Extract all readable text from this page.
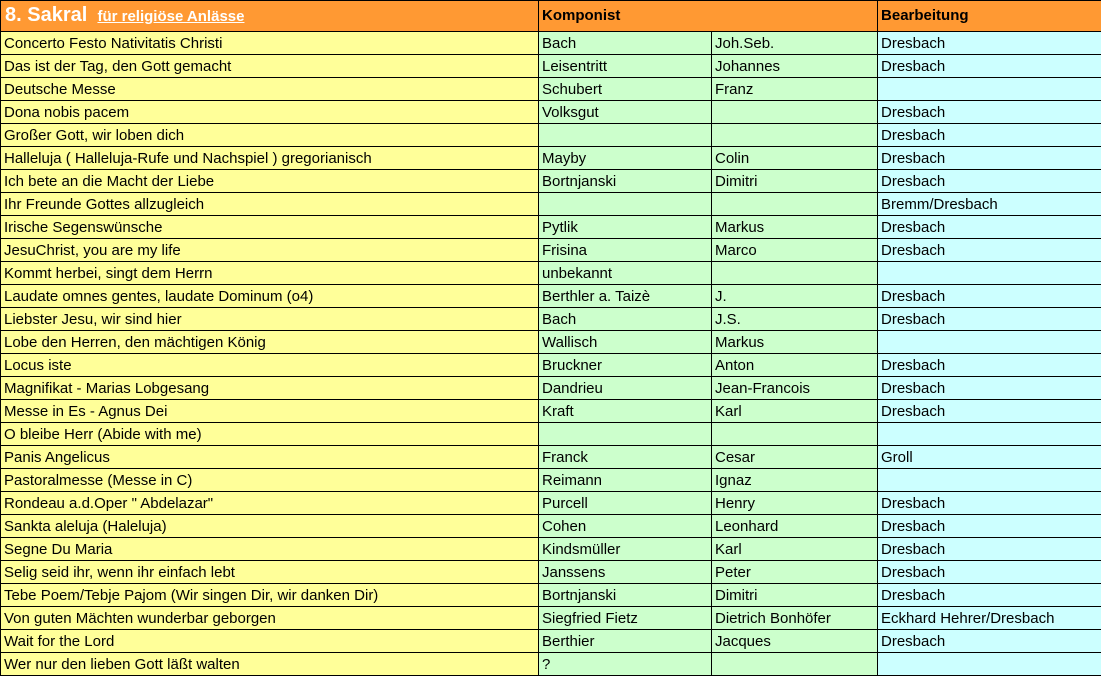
8. Sakral für religiöse Anlässe	Komponist		Bearbeitung
Concerto Festo Nativitatis Christi	Bach	Joh.Seb.	Dresbach
Das ist der Tag, den Gott gemacht	Leisentritt	Johannes	Dresbach
Deutsche Messe	Schubert	Franz	
Dona nobis pacem	Volksgut		Dresbach
Großer Gott, wir loben dich			Dresbach
Halleluja ( Halleluja-Rufe und Nachspiel ) gregorianisch	Mayby	Colin	Dresbach
Ich bete an die Macht der Liebe	Bortnjanski	Dimitri	Dresbach
Ihr Freunde Gottes allzugleich			Bremm/Dresbach
Irische Segenswünsche	Pytlik	Markus	Dresbach
JesuChrist, you are my life	Frisina	Marco	Dresbach
Kommt herbei, singt dem Herrn	unbekannt		
Laudate omnes gentes, laudate Dominum (o4)	Berthler a. Taizè	J.	Dresbach
Liebster Jesu, wir sind hier	Bach	J.S.	Dresbach
Lobe den Herren, den mächtigen König	Wallisch	Markus	
Locus iste	Bruckner	Anton	Dresbach
Magnifikat - Marias Lobgesang	Dandrieu	Jean-Francois	Dresbach
Messe in Es - Agnus Dei	Kraft	Karl	Dresbach
O bleibe Herr (Abide with me)			
Panis Angelicus	Franck	Cesar	Groll
Pastoralmesse (Messe in C)	Reimann	Ignaz	
Rondeau a.d.Oper " Abdelazar"	Purcell	Henry	Dresbach
Sankta aleluja (Haleluja)	Cohen	Leonhard	Dresbach
Segne Du Maria	Kindsmüller	Karl	Dresbach
Selig seid ihr, wenn ihr einfach lebt	Janssens	Peter	Dresbach
Tebe Poem/Tebje Pajom (Wir singen Dir, wir danken Dir)	Bortnjanski	Dimitri	Dresbach
Von guten Mächten wunderbar geborgen	Siegfried Fietz	Dietrich Bonhöfer	Eckhard Hehrer/Dresbach
Wait for the Lord	Berthier	Jacques	Dresbach
Wer nur den lieben Gott läßt walten	?		
